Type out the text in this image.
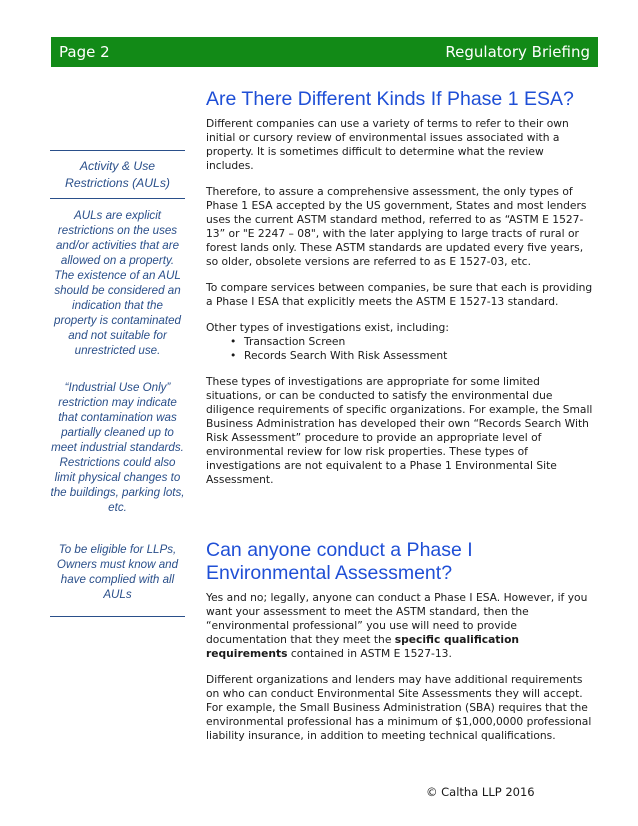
Page 2	Regulatory Briefing
Activity & Use Restrictions (AULs)

AULs are explicit restrictions on the uses and/or activities that are allowed on a property. The existence of an AUL should be considered an indication that the property is contaminated and not suitable for unrestricted use.

“Industrial Use Only” restriction may indicate that contamination was partially cleaned up to meet industrial standards. Restrictions could also limit physical changes to the buildings, parking lots, etc.

To be eligible for LLPs, Owners must know and have complied with all AULs

Are There Different Kinds If Phase 1 ESA?

Different companies can use a variety of terms to refer to their own initial or cursory review of environmental issues associated with a property. It is sometimes difficult to determine what the review includes.

Therefore, to assure a comprehensive assessment, the only types of Phase 1 ESA accepted by the US government, States and most lenders uses the current ASTM standard method, referred to as “ASTM E 1527-13” or "E 2247 – 08", with the later applying to large tracts of rural or forest lands only. These ASTM standards are updated every five years, so older, obsolete versions are referred to as E 1527-03, etc.

To compare services between companies, be sure that each is providing a Phase I ESA that explicitly meets the ASTM E 1527-13 standard.

Other types of investigations exist, including:

• Transaction Screen
• Records Search With Risk Assessment

These types of investigations are appropriate for some limited situations, or can be conducted to satisfy the environmental due diligence requirements of specific organizations. For example, the Small Business Administration has developed their own “Records Search With Risk Assessment” procedure to provide an appropriate level of environmental review for low risk properties. These types of investigations are not equivalent to a Phase 1 Environmental Site Assessment.

Can anyone conduct a Phase I Environmental Assessment?

Yes and no; legally, anyone can conduct a Phase I ESA. However, if you want your assessment to meet the ASTM standard, then the “environmental professional” you use will need to provide documentation that they meet the specific qualification requirements contained in ASTM E 1527-13.

Different organizations and lenders may have additional requirements on who can conduct Environmental Site Assessments they will accept. For example, the Small Business Administration (SBA) requires that the environmental professional has a minimum of $1,000,0000 professional liability insurance, in addition to meeting technical qualifications.

© Caltha LLP 2016
